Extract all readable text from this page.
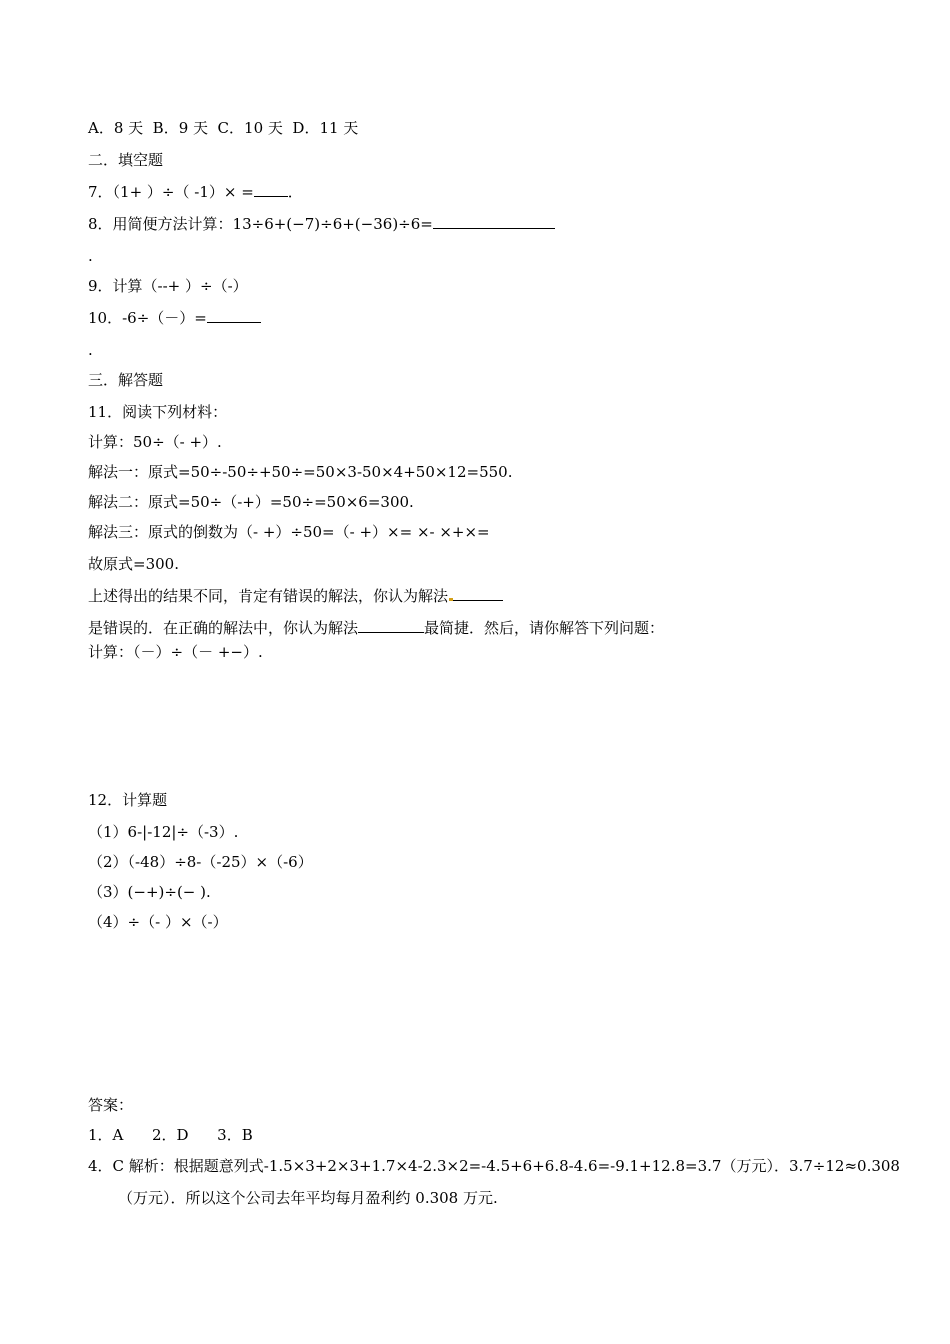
A．8 天  B．9 天  C．10 天  D．11 天
二．填空题
7．（1+ ）÷（ -1）× = ．
8．用简便方法计算：13÷6+(−7)÷6+(−36)÷6=
.
9．计算（--+ ）÷（-）
10．-6÷（－）=
.
三．解答题
11．阅读下列材料：
计算：50÷（- +）.
解法一：原式=50÷-50÷+50÷=50×3-50×4+50×12=550.
解法二：原式=50÷（-+）=50÷=50×6=300.
解法三：原式的倒数为（- +）÷50=（- +）×= ×- ×+×=
故原式=300.
上述得出的结果不同，肯定有错误的解法，你认为解法
是错误的．在正确的解法中，你认为解法	最简捷．然后，请你解答下列问题：
计算：（－）÷（－ +−）.
12．计算题
（1）6-|-12|÷（-3）.
（2）（-48）÷8-（-25）×（-6）
（3）(−+)÷(− ).
（4）÷（- ）×（-）
答案：
1．A      2．D      3．B
4．C 解析：根据题意列式-1.5×3+2×3+1.7×4-2.3×2=-4.5+6+6.8-4.6=-9.1+12.8=3.7（万元）．3.7÷12≈0.308
（万元）．所以这个公司去年平均每月盈利约 0.308 万元.
